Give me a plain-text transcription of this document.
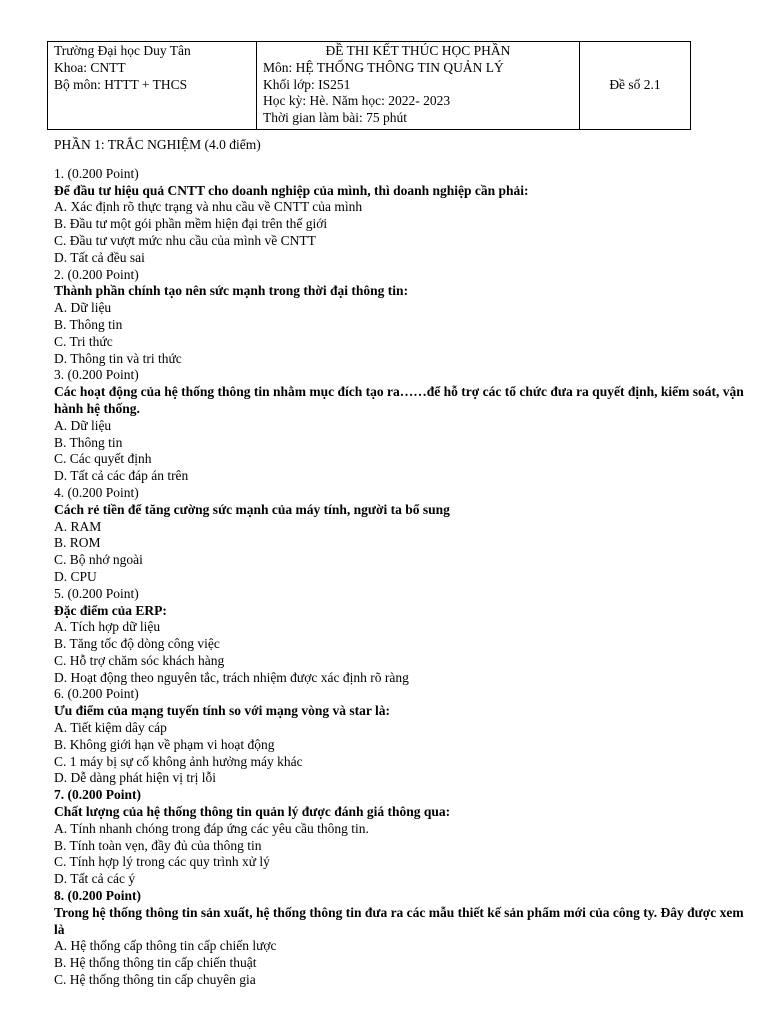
Trường Đại học Duy Tân
Khoa: CNTT
Bộ môn: HTTT + THCS

ĐỀ THI KẾT THÚC HỌC PHẦN
Môn: HỆ THỐNG THÔNG TIN QUẢN LÝ
Khối lớp: IS251
Học kỳ: Hè. Năm học: 2022- 2023
Thời gian làm bài: 75 phút
	Đề số 2.1
PHẦN 1: TRẮC NGHIỆM (4.0 điểm)
1. (0.200 Point)
Để đầu tư hiệu quả CNTT cho doanh nghiệp của mình, thì doanh nghiệp cần phải:
A. Xác định rõ thực trạng và nhu cầu về CNTT của mình
B. Đầu tư một gói phần mềm hiện đại trên thế giới
C. Đầu tư vượt mức nhu cầu của mình về CNTT
D. Tất cả đều sai
2. (0.200 Point)
Thành phần chính tạo nên sức mạnh trong thời đại thông tin:
A. Dữ liệu
B. Thông tin
C. Tri thức
D. Thông tin và tri thức
3. (0.200 Point)
Các hoạt động của hệ thống thông tin nhằm mục đích tạo ra……để hỗ trợ các tổ chức đưa ra quyết định, kiểm soát, vận hành hệ thống.
A. Dữ liệu
B. Thông tin
C. Các quyết định
D. Tất cả các đáp án trên
4. (0.200 Point)
Cách rẻ tiền để tăng cường sức mạnh của máy tính, người ta bổ sung
A. RAM
B. ROM
C. Bộ nhớ ngoài
D. CPU
5. (0.200 Point)
Đặc điểm của ERP:
A. Tích hợp dữ liệu
B. Tăng tốc độ dòng công việc
C. Hỗ trợ chăm sóc khách hàng
D. Hoạt động theo nguyên tắc, trách nhiệm được xác định rõ ràng
6. (0.200 Point)
Ưu điểm của mạng tuyến tính so với mạng vòng và star là:
A. Tiết kiệm dây cáp
B. Không giới hạn về phạm vi hoạt động
C. 1 máy bị sự cố không ảnh hưởng máy khác
D. Dễ dàng phát hiện vị trị lỗi
7. (0.200 Point)
Chất lượng của hệ thống thông tin quản lý được đánh giá thông qua:
A. Tính nhanh chóng trong đáp ứng các yêu cầu thông tin.
B. Tính toàn vẹn, đầy đủ của thông tin
C. Tính hợp lý trong các quy trình xử lý
D. Tất cả các ý
8. (0.200 Point)
Trong hệ thống thông tin sản xuất, hệ thống thông tin đưa ra các mẫu thiết kế sản phẩm mới của công ty. Đây được xem là
A. Hệ thống cấp thông tin cấp chiến lược
B. Hệ thống thông tin cấp chiến thuật
C. Hệ thống thông tin cấp chuyên gia
